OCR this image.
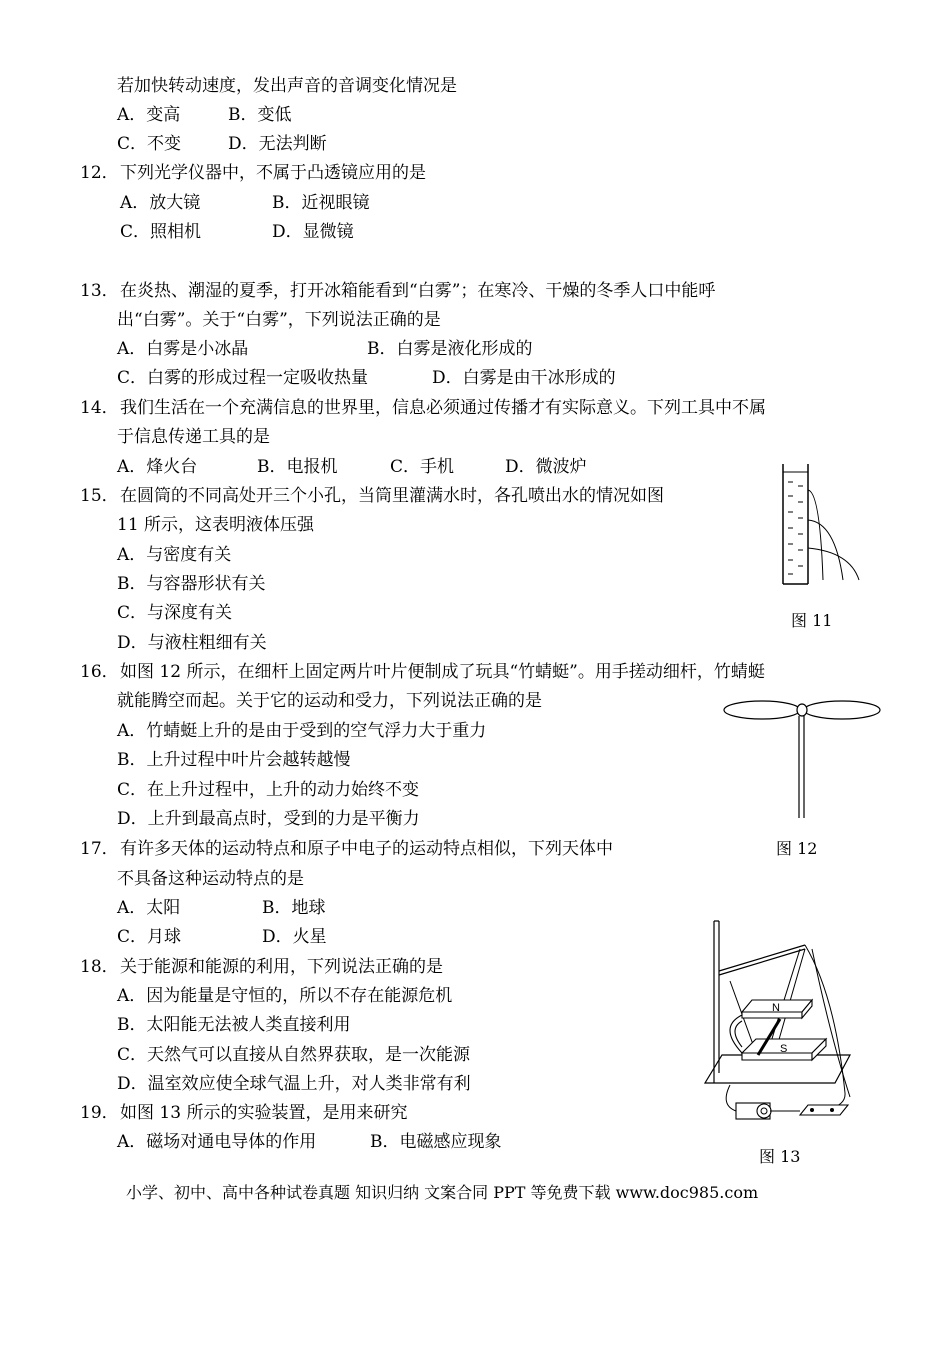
若加快转动速度，发出声音的音调变化情况是
A．变高	B．变低
C．不变	D．无法判断
12． 下列光学仪器中，不属于凸透镜应用的是
A．放大镜	B．近视眼镜
C．照相机	D．显微镜
13． 在炎热、潮湿的夏季，打开冰箱能看到“白雾”；在寒冷、干燥的冬季人口中能呼
出“白雾”。关于“白雾”，下列说法正确的是
A．白雾是小冰晶	B．白雾是液化形成的
C．白雾的形成过程一定吸收热量	D．白雾是由干冰形成的
14． 我们生活在一个充满信息的世界里，信息必须通过传播才有实际意义。下列工具中不属
于信息传递工具的是
A．烽火台	B．电报机	C．手机	D．微波炉
15． 在圆筒的不同高处开三个小孔，当筒里灌满水时，各孔喷出水的情况如图
11 所示，这表明液体压强
A．与密度有关
B．与容器形状有关
C．与深度有关
D．与液柱粗细有关
图 11
16． 如图 12 所示，在细杆上固定两片叶片便制成了玩具“竹蜻蜓”。用手搓动细杆，竹蜻蜓
就能腾空而起。关于它的运动和受力，下列说法正确的是
A．竹蜻蜓上升的是由于受到的空气浮力大于重力
B．上升过程中叶片会越转越慢
C．在上升过程中，上升的动力始终不变
D．上升到最高点时，受到的力是平衡力
图 12
17． 有许多天体的运动特点和原子中电子的运动特点相似，下列天体中
不具备这种运动特点的是
A．太阳	B．地球
C．月球	D．火星
18． 关于能源和能源的利用，下列说法正确的是
A．因为能量是守恒的，所以不存在能源危机
B．太阳能无法被人类直接利用
C．天然气可以直接从自然界获取，是一次能源
D．温室效应使全球气温上升，对人类非常有利
N
S
图 13
19． 如图 13 所示的实验装置，是用来研究
A．磁场对通电导体的作用	B．电磁感应现象
小学、初中、高中各种试卷真题 知识归纳 文案合同 PPT 等免费下载 www.doc985.com
